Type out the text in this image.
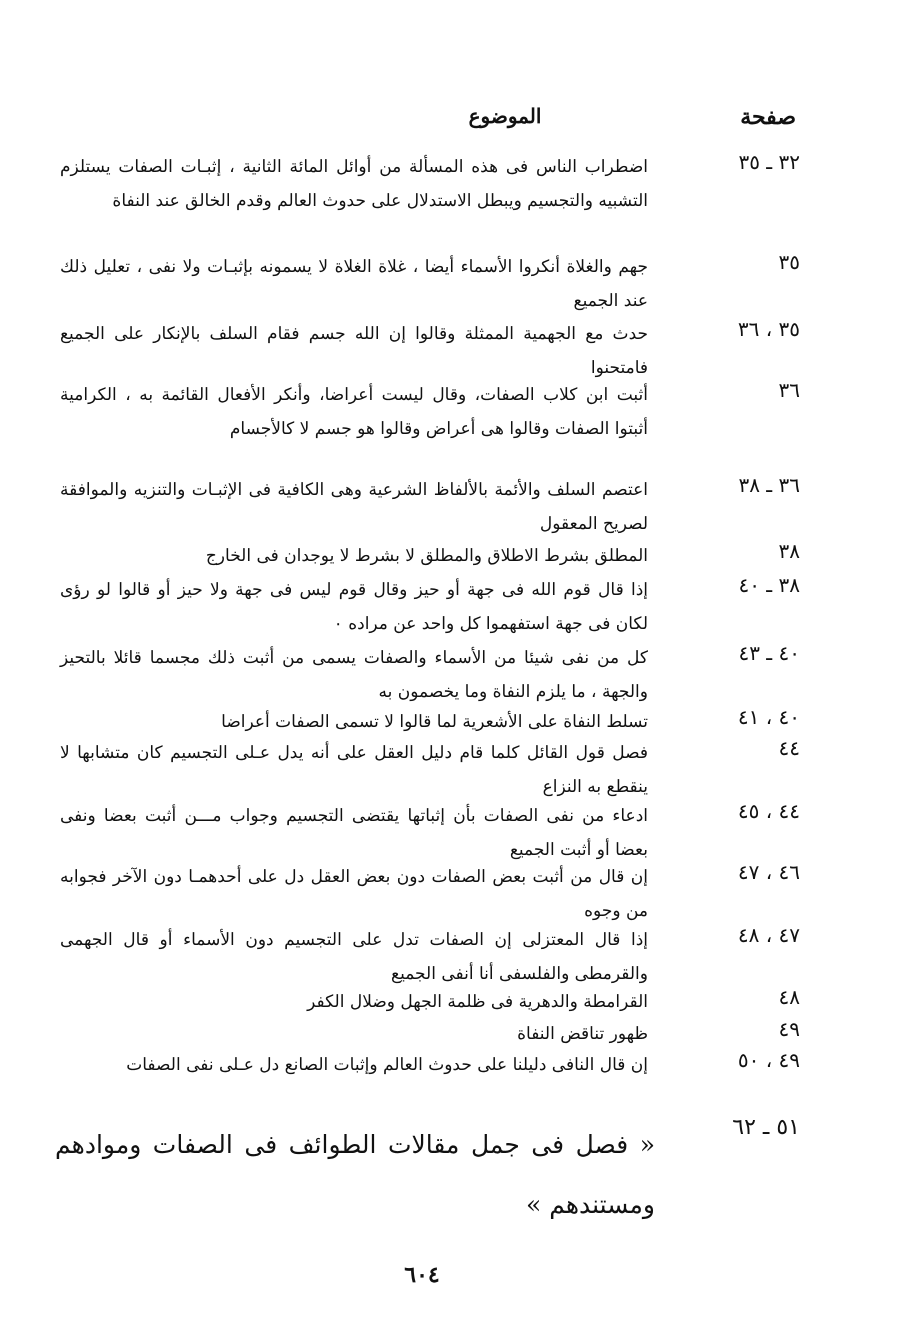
صفحة
الموضوع
٣٢ ـ ٣٥
اضطراب الناس فى هذه المسألة من أوائل المائة الثانية ، إثبـات الصفات يستلزم التشبيه والتجسيم ويبطل الاستدلال على حدوث العالم وقدم الخالق عند النفاة
٣٥
جهم والغلاة أنكروا الأسماء أيضا ، غلاة الغلاة لا يسمونه بإثبـات ولا نفى ، تعليل ذلك عند الجميع
٣٥ ، ٣٦
حدث مع الجهمية الممثلة وقالوا إن الله جسم فقام السلف بالإنكار على الجميع فامتحنوا
٣٦
أثبت ابن كلاب الصفات، وقال ليست أعراضا، وأنكر الأفعال القائمة به ، الكرامية أثبتوا الصفات وقالوا هى أعراض وقالوا هو جسم لا كالأجسام
٣٦ ـ ٣٨
اعتصم السلف والأئمة بالألفاظ الشرعية وهى الكافية فى الإثبـات والتنزيه والموافقة لصريح المعقول
٣٨
المطلق بشرط الاطلاق والمطلق لا بشرط لا يوجدان فى الخارج
٣٨ ـ ٤٠
إذا قال قوم الله فى جهة أو حيز وقال قوم ليس فى جهة ولا حيز أو قالوا لو رؤى لكان فى جهة استفهموا كل واحد عن مراده ٠
٤٠ ـ ٤٣
كل من نفى شيئا من الأسماء والصفات يسمى من أثبت ذلك مجسما قائلا بالتحيز والجهة ، ما يلزم النفاة وما يخصمون به
٤٠ ، ٤١
تسلط النفاة على الأشعرية لما قالوا لا تسمى الصفات أعراضا
٤٤
فصل قول القائل كلما قام دليل العقل على أنه يدل عـلى التجسيم كان متشابها لا ينقطع به النزاع
٤٤ ، ٤٥
ادعاء من نفى الصفات بأن إثباتها يقتضى التجسيم وجواب مـــن أثبت بعضا ونفى بعضا أو أثبت الجميع
٤٦ ، ٤٧
إن قال من أثبت بعض الصفات دون بعض العقل دل على أحدهمـا دون الآخر فجوابه من وجوه
٤٧ ، ٤٨
إذا قال المعتزلى إن الصفات تدل على التجسيم دون الأسماء أو قال الجهمى والقرمطى والفلسفى أنا أنفى الجميع
٤٨
القرامطة والدهرية فى ظلمة الجهل وضلال الكفر
٤٩
ظهور تناقض النفاة
٤٩ ، ٥٠
إن قال النافى دليلنا على حدوث العالم وإثبات الصانع دل عـلى نفى الصفات
٥١ ـ ٦٢
« فصل فى جمل مقالات الطوائف فى الصفات وموادهم ومستندهم »
٦٠٤
